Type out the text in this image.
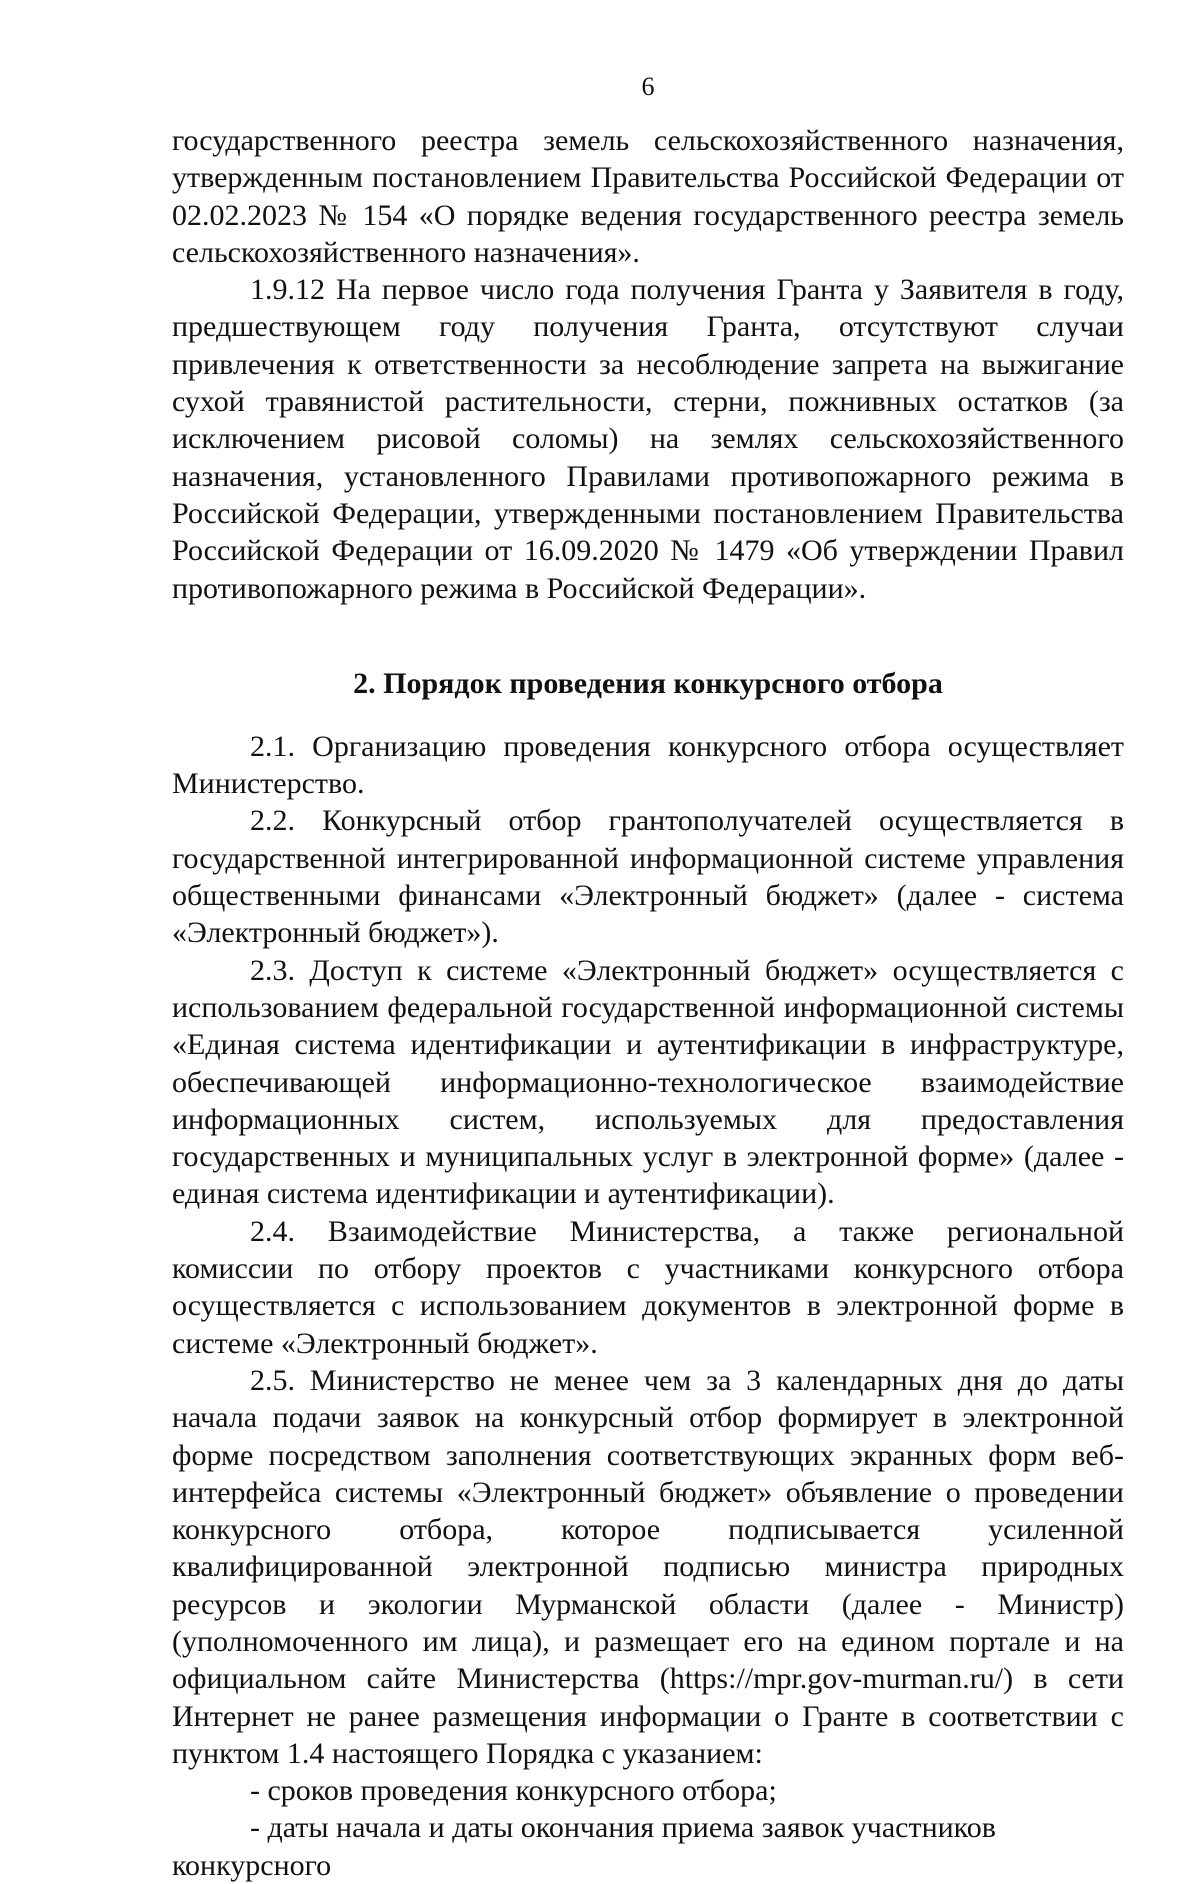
6

государственного реестра земель сельскохозяйственного назначения, утвержденным постановлением Правительства Российской Федерации от 02.02.2023 № 154 «О порядке ведения государственного реестра земель сельскохозяйственного назначения».

1.9.12 На первое число года получения Гранта у Заявителя в году, предшествующем году получения Гранта, отсутствуют случаи привлечения к ответственности за несоблюдение запрета на выжигание сухой травянистой растительности, стерни, пожнивных остатков (за исключением рисовой соломы) на землях сельскохозяйственного назначения, установленного Правилами противопожарного режима в Российской Федерации, утвержденными постановлением Правительства Российской Федерации от 16.09.2020 № 1479 «Об утверждении Правил противопожарного режима в Российской Федерации».

2. Порядок проведения конкурсного отбора

2.1. Организацию проведения конкурсного отбора осуществляет Министерство.

2.2. Конкурсный отбор грантополучателей осуществляется в государственной интегрированной информационной системе управления общественными финансами «Электронный бюджет» (далее - система «Электронный бюджет»).

2.3. Доступ к системе «Электронный бюджет» осуществляется с использованием федеральной государственной информационной системы «Единая система идентификации и аутентификации в инфраструктуре, обеспечивающей информационно-технологическое взаимодействие информационных систем, используемых для предоставления государственных и муниципальных услуг в электронной форме» (далее - единая система идентификации и аутентификации).

2.4. Взаимодействие Министерства, а также региональной комиссии по отбору проектов с участниками конкурсного отбора осуществляется с использованием документов в электронной форме в системе «Электронный бюджет».

2.5. Министерство не менее чем за 3 календарных дня до даты начала подачи заявок на конкурсный отбор формирует в электронной форме посредством заполнения соответствующих экранных форм веб-интерфейса системы «Электронный бюджет» объявление о проведении конкурсного отбора, которое подписывается усиленной квалифицированной электронной подписью министра природных ресурсов и экологии Мурманской области (далее - Министр) (уполномоченного им лица), и размещает его на едином портале и на официальном сайте Министерства (https://mpr.gov-murman.ru/) в сети Интернет не ранее размещения информации о Гранте в соответствии с пунктом 1.4 настоящего Порядка с указанием:

- сроков проведения конкурсного отбора;

- даты начала и даты окончания приема заявок участников конкурсного
